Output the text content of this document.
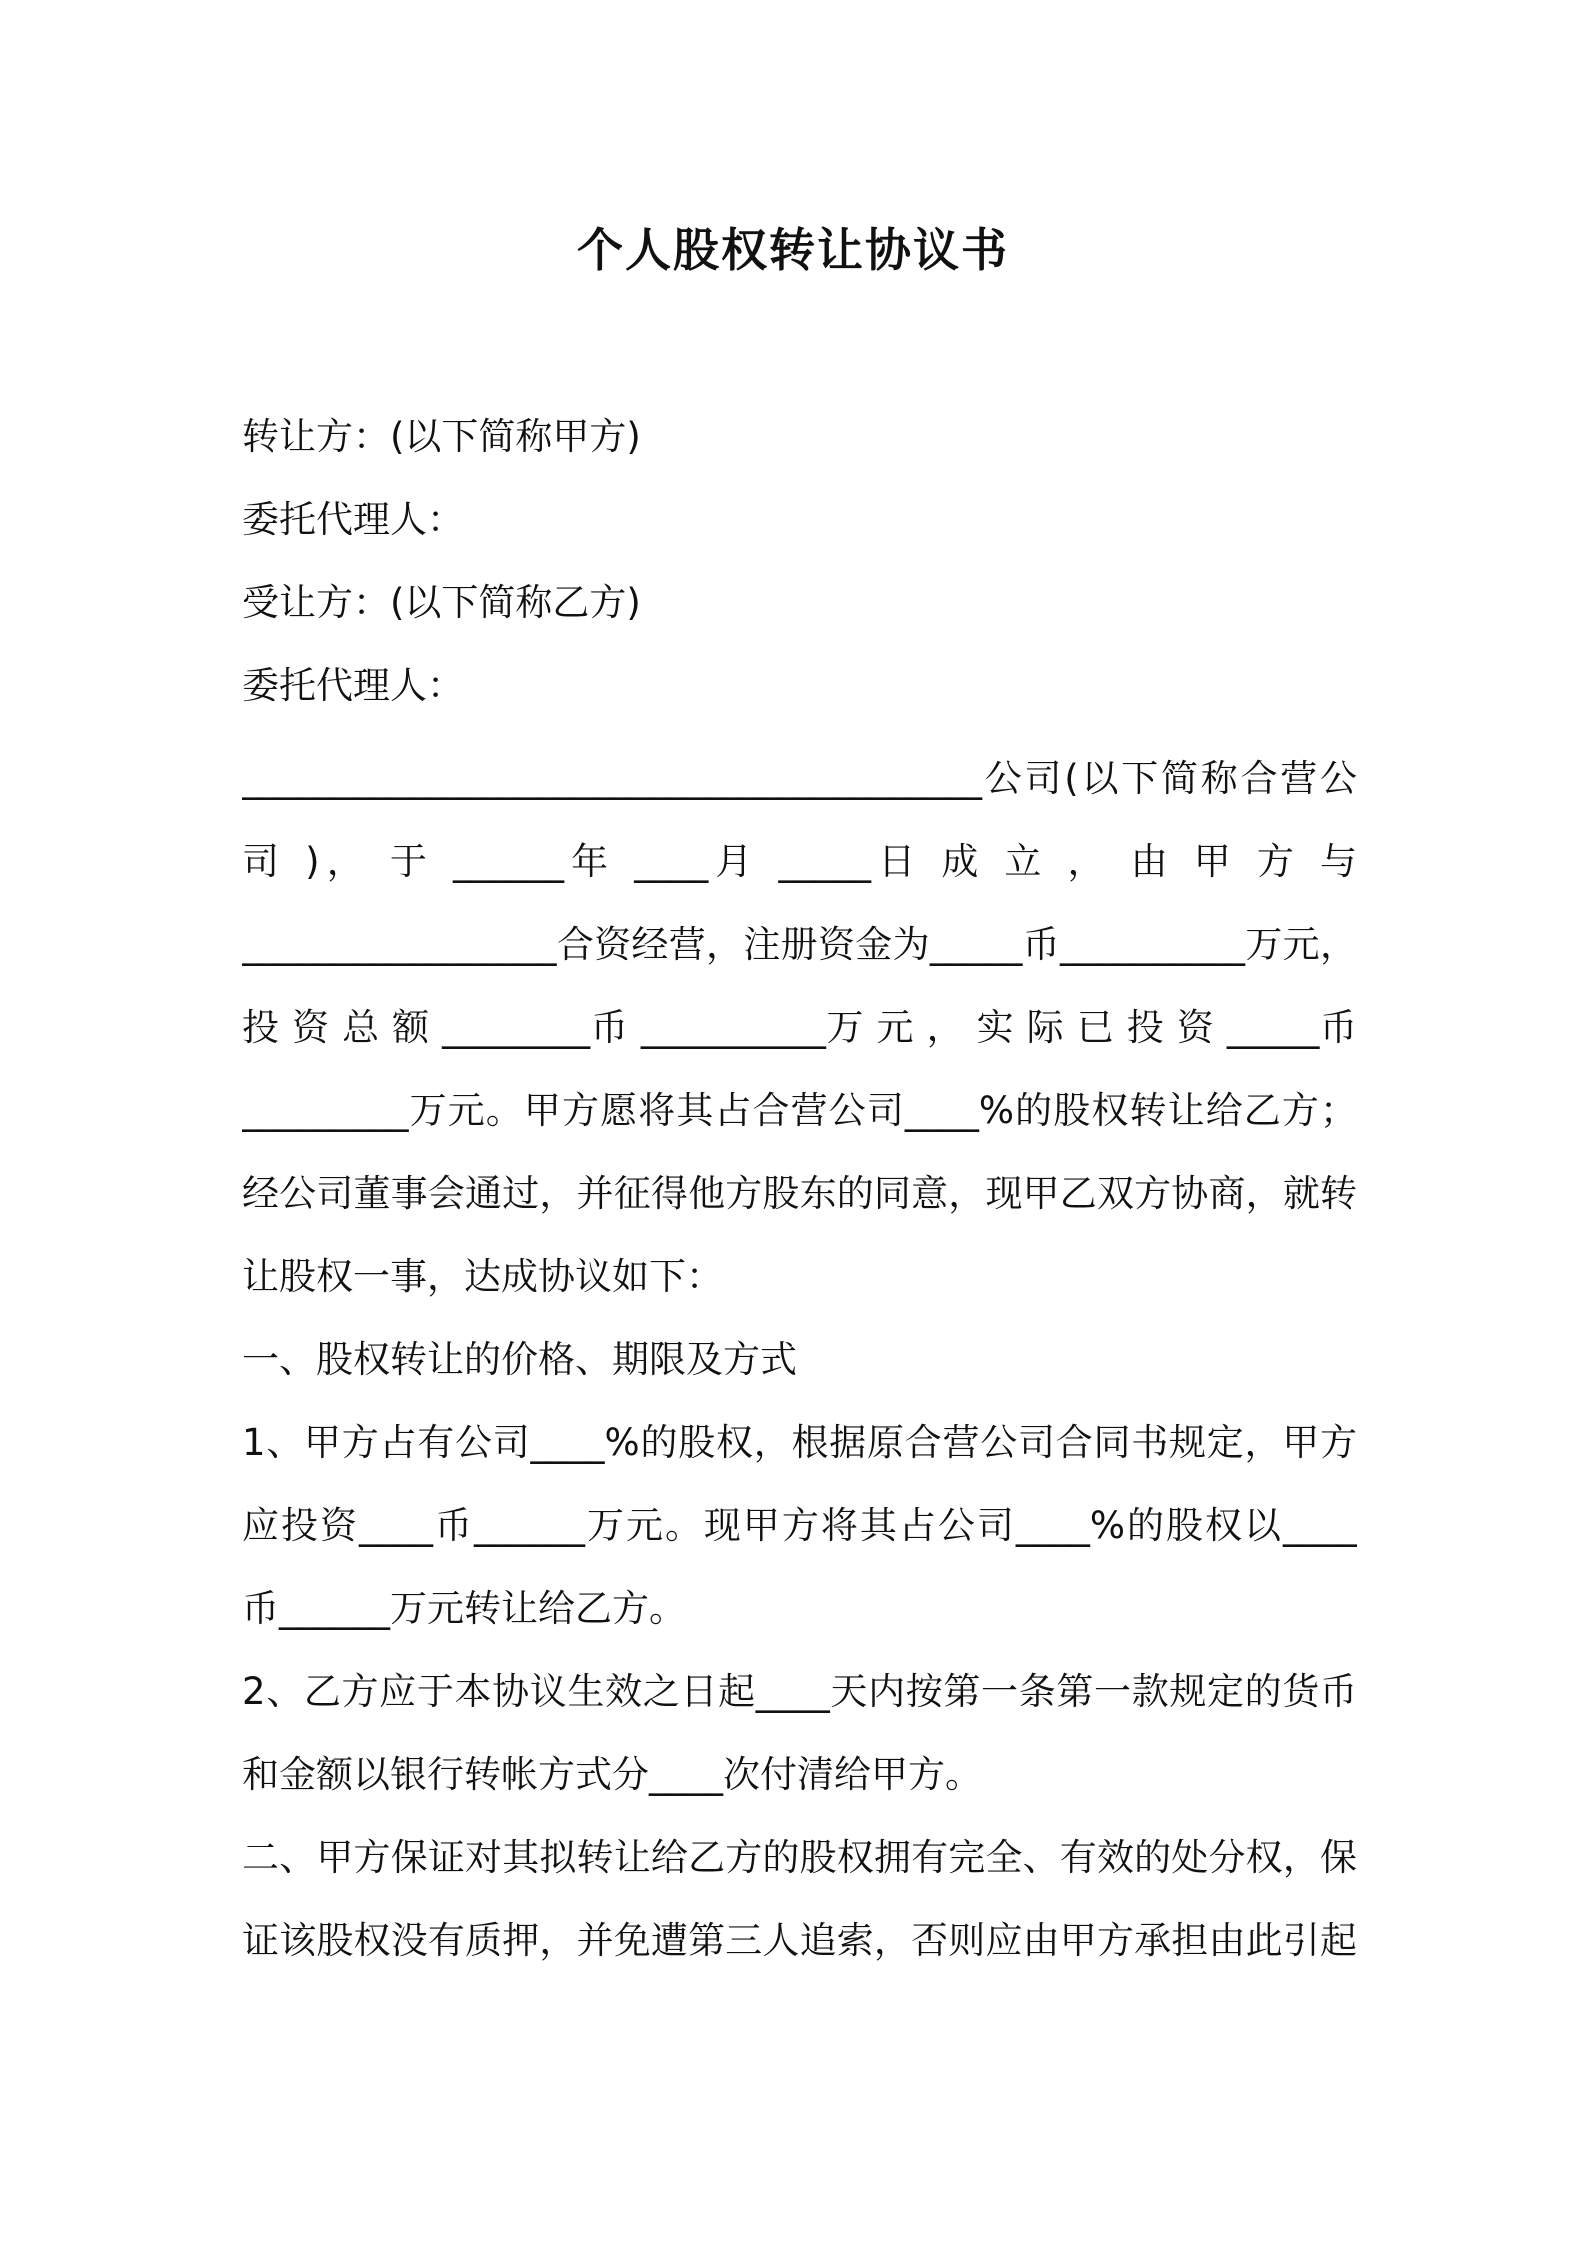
个人股权转让协议书
转让方：(以下简称甲方)
委托代理人：
受让方：(以下简称乙方)
委托代理人：
________________________________________公司(以下简称合营公
司 )， 于 ______年 ____月 _____日 成 立 ， 由 甲 方 与
_________________合资经营，注册资金为_____币__________万元，
投 资 总 额 ________币 __________万 元 ， 实 际 已 投 资 _____币
_________万元。甲方愿将其占合营公司____%的股权转让给乙方；
经公司董事会通过，并征得他方股东的同意，现甲乙双方协商，就转
让股权一事，达成协议如下：
一、股权转让的价格、期限及方式
1、甲方占有公司____%的股权，根据原合营公司合同书规定，甲方
应投资____币______万元。现甲方将其占公司____%的股权以____
币______万元转让给乙方。
2、乙方应于本协议生效之日起____天内按第一条第一款规定的货币
和金额以银行转帐方式分____次付清给甲方。
二、甲方保证对其拟转让给乙方的股权拥有完全、有效的处分权，保
证该股权没有质押，并免遭第三人追索，否则应由甲方承担由此引起
